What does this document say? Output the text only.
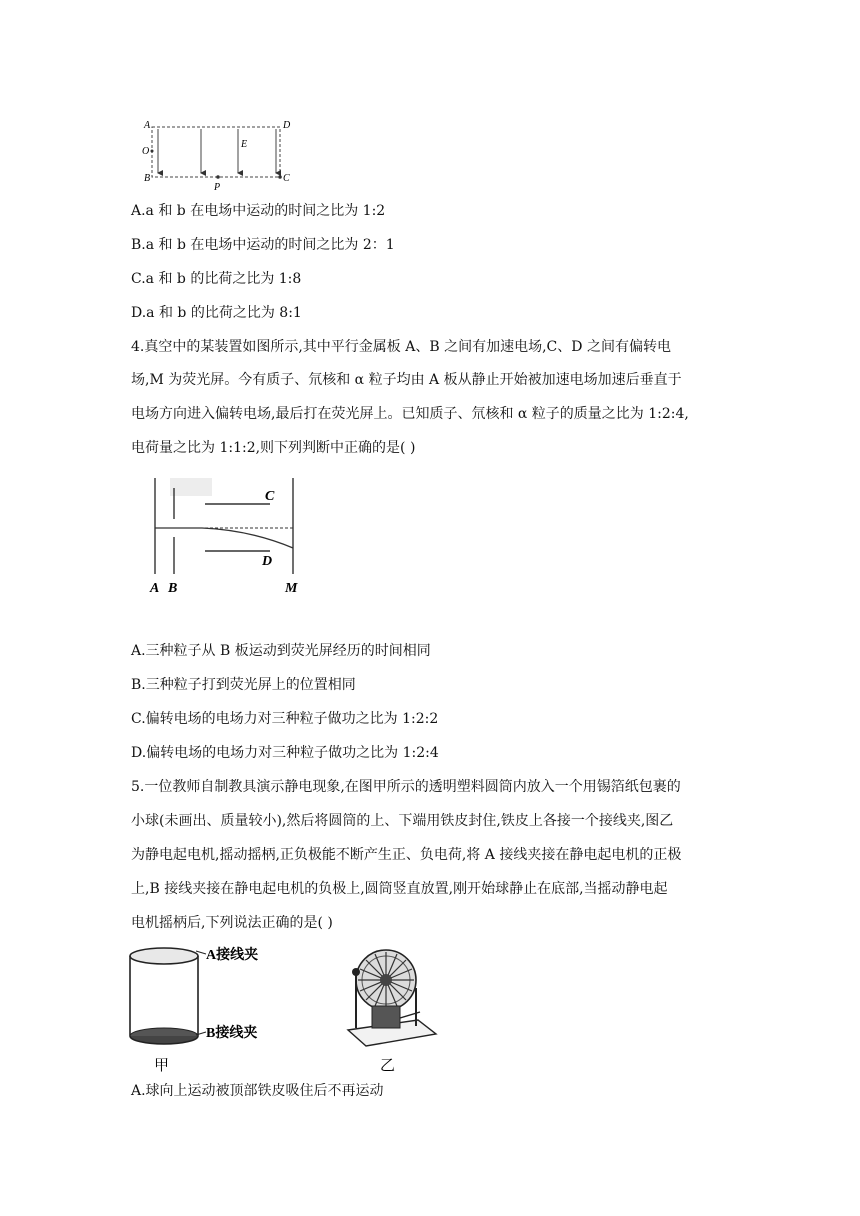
A	D
O
E
B
P
C
A.a 和 b 在电场中运动的时间之比为 1:2
B.a 和 b 在电场中运动的时间之比为 2：1
C.a 和 b 的比荷之比为 1:8
D.a 和 b 的比荷之比为 8:1
4.真空中的某装置如图所示,其中平行金属板 A、B 之间有加速电场,C、D 之间有偏转电
场,M 为荧光屏。今有质子、氘核和 α 粒子均由 A 板从静止开始被加速电场加速后垂直于
电场方向进入偏转电场,最后打在荧光屏上。已知质子、氘核和 α 粒子的质量之比为 1:2:4,
电荷量之比为 1:1:2,则下列判断中正确的是( )
C
D
A B	M
A.三种粒子从 B 板运动到荧光屏经历的时间相同
B.三种粒子打到荧光屏上的位置相同
C.偏转电场的电场力对三种粒子做功之比为 1:2:2
D.偏转电场的电场力对三种粒子做功之比为 1:2:4
5.一位教师自制教具演示静电现象,在图甲所示的透明塑料圆筒内放入一个用锡箔纸包裹的
小球(未画出、质量较小),然后将圆筒的上、下端用铁皮封住,铁皮上各接一个接线夹,图乙
为静电起电机,摇动摇柄,正负极能不断产生正、负电荷,将 A 接线夹接在静电起电机的正极
上,B 接线夹接在静电起电机的负极上,圆筒竖直放置,刚开始球静止在底部,当摇动静电起
电机摇柄后,下列说法正确的是( )
A接线夹
B接线夹
甲	乙
A.球向上运动被顶部铁皮吸住后不再运动
